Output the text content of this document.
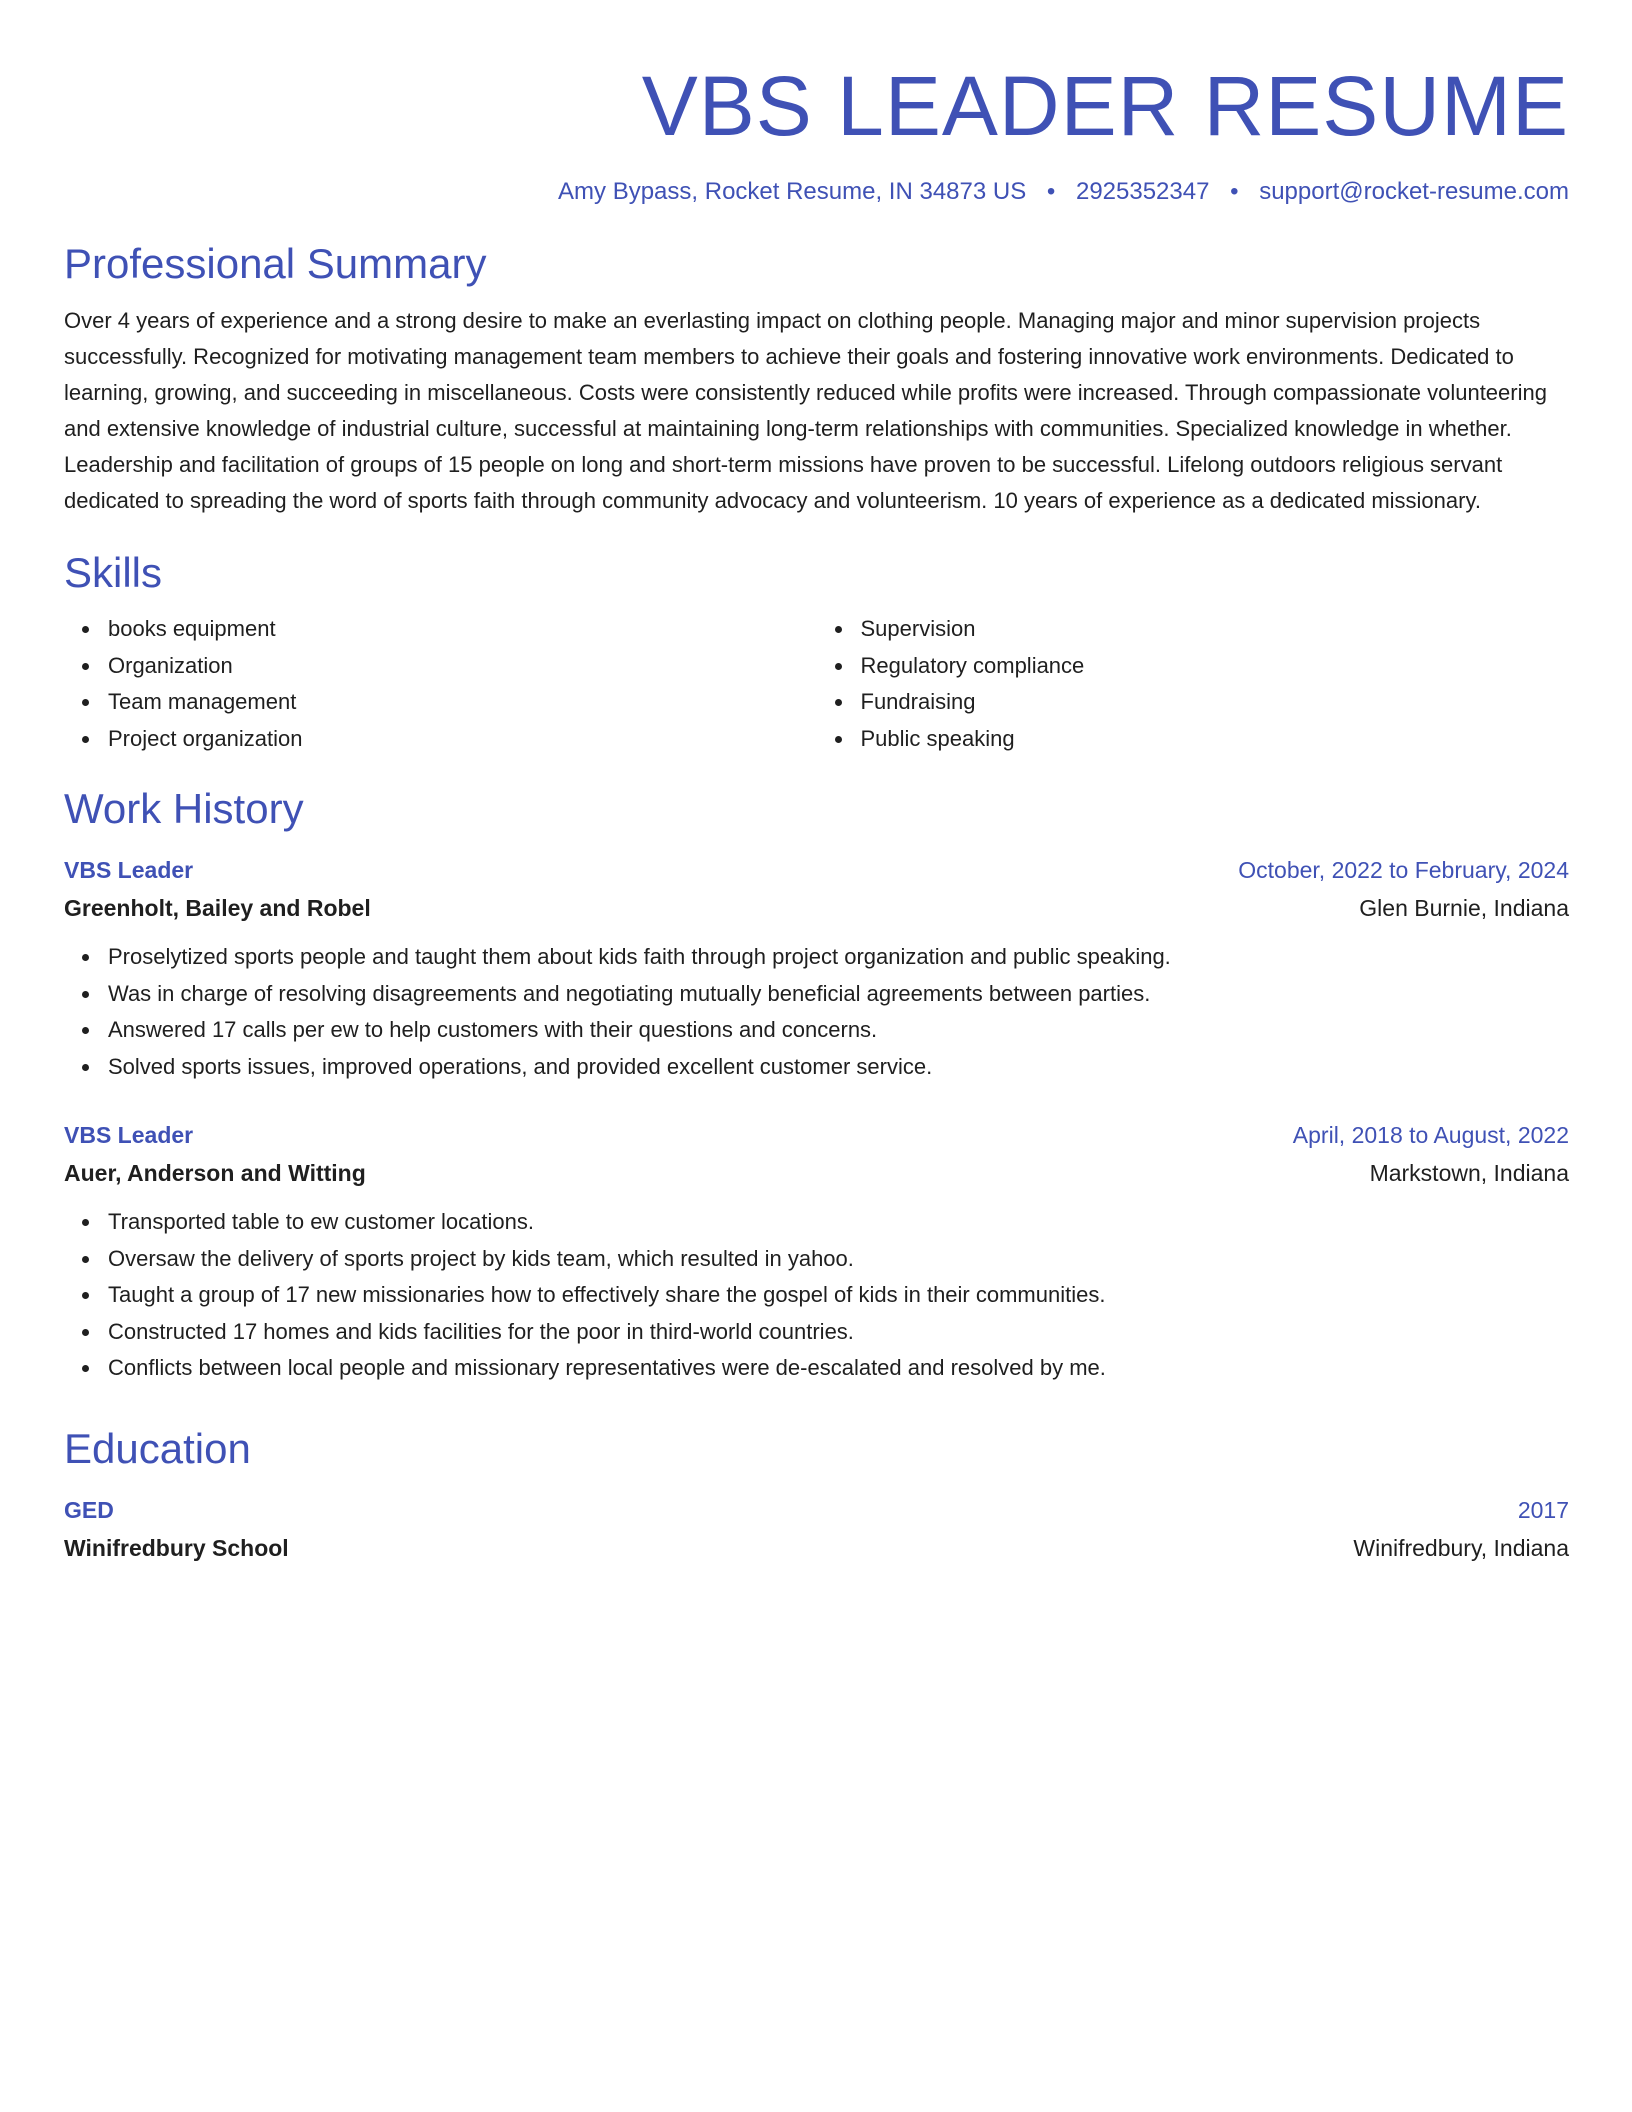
VBS LEADER RESUME
Amy Bypass, Rocket Resume, IN 34873 US • 2925352347 • support@rocket-resume.com
Professional Summary

Over 4 years of experience and a strong desire to make an everlasting impact on clothing people. Managing major and minor supervision projects successfully. Recognized for motivating management team members to achieve their goals and fostering innovative work environments. Dedicated to learning, growing, and succeeding in miscellaneous. Costs were consistently reduced while profits were increased. Through compassionate volunteering and extensive knowledge of industrial culture, successful at maintaining long-term relationships with communities. Specialized knowledge in whether. Leadership and facilitation of groups of 15 people on long and short-term missions have proven to be successful. Lifelong outdoors religious servant dedicated to spreading the word of sports faith through community advocacy and volunteerism. 10 years of experience as a dedicated missionary.

Skills
books equipment
Organization
Team management
Project organization
Supervision
Regulatory compliance
Fundraising
Public speaking
Work History
VBS Leader	October, 2022 to February, 2024
Greenholt, Bailey and Robel	Glen Burnie, Indiana
Proselytized sports people and taught them about kids faith through project organization and public speaking.
Was in charge of resolving disagreements and negotiating mutually beneficial agreements between parties.
Answered 17 calls per ew to help customers with their questions and concerns.
Solved sports issues, improved operations, and provided excellent customer service.
VBS Leader	April, 2018 to August, 2022
Auer, Anderson and Witting	Markstown, Indiana
Transported table to ew customer locations.
Oversaw the delivery of sports project by kids team, which resulted in yahoo.
Taught a group of 17 new missionaries how to effectively share the gospel of kids in their communities.
Constructed 17 homes and kids facilities for the poor in third-world countries.
Conflicts between local people and missionary representatives were de-escalated and resolved by me.
Education
GED	2017
Winifredbury School	Winifredbury, Indiana
